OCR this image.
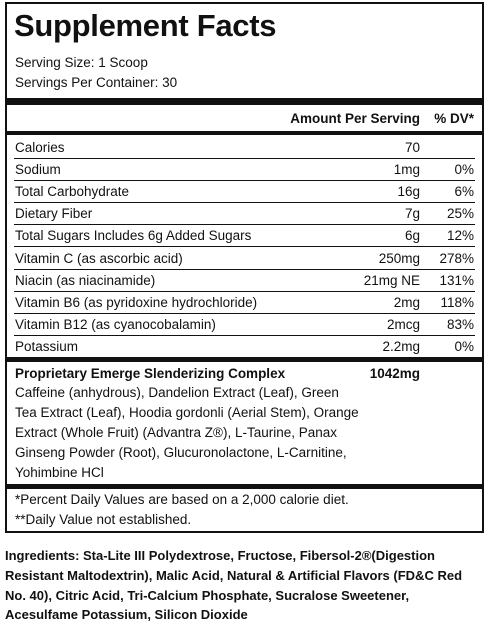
Supplement Facts
Serving Size: 1 Scoop
Servings Per Container: 30
Amount Per Serving % DV*
Calories	70
Sodium	1mg	0%
Total Carbohydrate	16g	6%
Dietary Fiber	7g 25%
Total Sugars Includes 6g Added Sugars	6g 12%
Vitamin C (as ascorbic acid)	250mg 278%
Niacin (as niacinamide)	21mg NE 131%
Vitamin B6 (as pyridoxine hydrochloride)	2mg 118%
Vitamin B12 (as cyanocobalamin)	2mcg 83%
Potassium	2.2mg	0%
Proprietary Emerge Slenderizing Complex	1042mg
Caffeine (anhydrous), Dandelion Extract (Leaf), Green
Tea Extract (Leaf), Hoodia gordonli (Aerial Stem), Orange
Extract (Whole Fruit) (Advantra Z®), L-Taurine, Panax
Ginseng Powder (Root), Glucuronolactone, L-Carnitine,
Yohimbine HCl
*Percent Daily Values are based on a 2,000 calorie diet.
**Daily Value not established.
Ingredients: Sta-Lite III Polydextrose, Fructose, Fibersol-2®(Digestion
Resistant Maltodextrin), Malic Acid, Natural & Artificial Flavors (FD&C Red
No. 40), Citric Acid, Tri-Calcium Phosphate, Sucralose Sweetener,
Acesulfame Potassium, Silicon Dioxide
